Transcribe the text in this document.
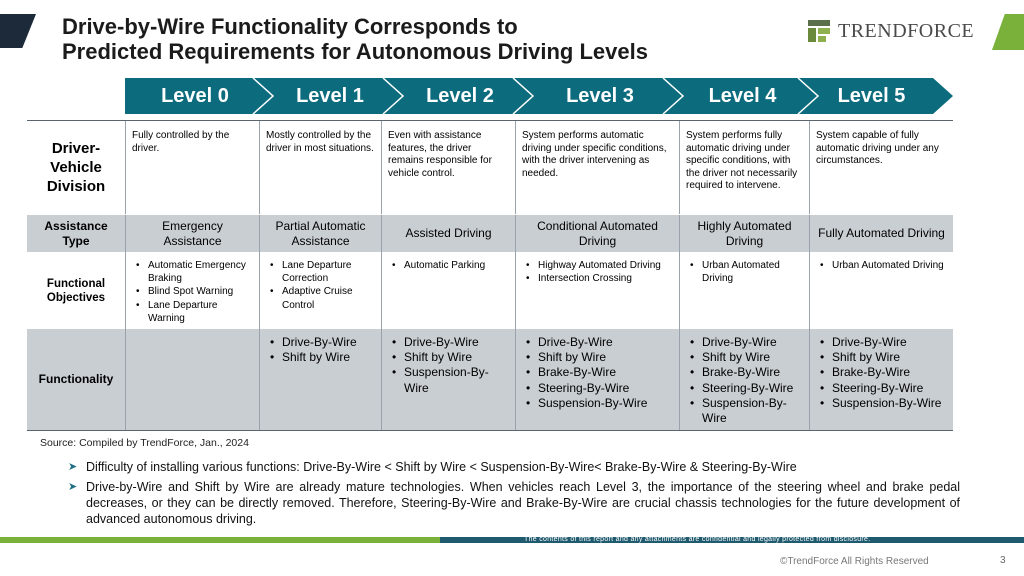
Drive-by-Wire Functionality Corresponds to
Predicted Requirements for Autonomous Driving Levels
TRENDFORCE
Level 0	Level 1	Level 2	Level 3	Level 4	Level 5
Driver-Vehicle Division
Fully controlled by the driver.
Mostly controlled by the driver in most situations.
Even with assistance features, the driver remains responsible for vehicle control.
System performs automatic driving under specific conditions, with the driver intervening as needed.
System performs fully automatic driving under specific conditions, with the driver not necessarily required to intervene.
System capable of fully automatic driving under any circumstances.
Assistance Type
Emergency Assistance
Partial Automatic Assistance
Assisted Driving
Conditional Automated Driving
Highly Automated Driving
Fully Automated Driving
Functional Objectives
• Automatic Emergency Braking
• Blind Spot Warning
• Lane Departure Warning
• Lane Departure Correction
• Adaptive Cruise Control
• Automatic Parking
•	Highway Automated Driving
• Intersection Crossing
• Urban Automated Driving
• Urban Automated Driving
Functionality
• Drive-By-Wire
• Shift by Wire
• Drive-By-Wire
• Shift by Wire
• Suspension-By-Wire
• Drive-By-Wire
• Shift by Wire
• Brake-By-Wire
• Steering-By-Wire
• Suspension-By-Wire
• Drive-By-Wire
• Shift by Wire
• Brake-By-Wire
• Steering-By-Wire
• Suspension-By-Wire
• Drive-By-Wire
• Shift by Wire
• Brake-By-Wire
• Steering-By-Wire
• Suspension-By-Wire
Source: Compiled by TrendForce, Jan., 2024
➤ Difficulty of installing various functions: Drive-By-Wire < Shift by Wire < Suspension-By-Wire< Brake-By-Wire & Steering-By-Wire
➤ Drive-by-Wire and Shift by Wire are already mature technologies. When vehicles reach Level 3, the importance of the steering wheel and brake pedal decreases, or they can be directly removed. Therefore, Steering-By-Wire and Brake-By-Wire are crucial chassis technologies for the future development of advanced autonomous driving.
The contents of this report and any attachments are confidential and legally protected from disclosure.
©TrendForce All Rights Reserved	3
